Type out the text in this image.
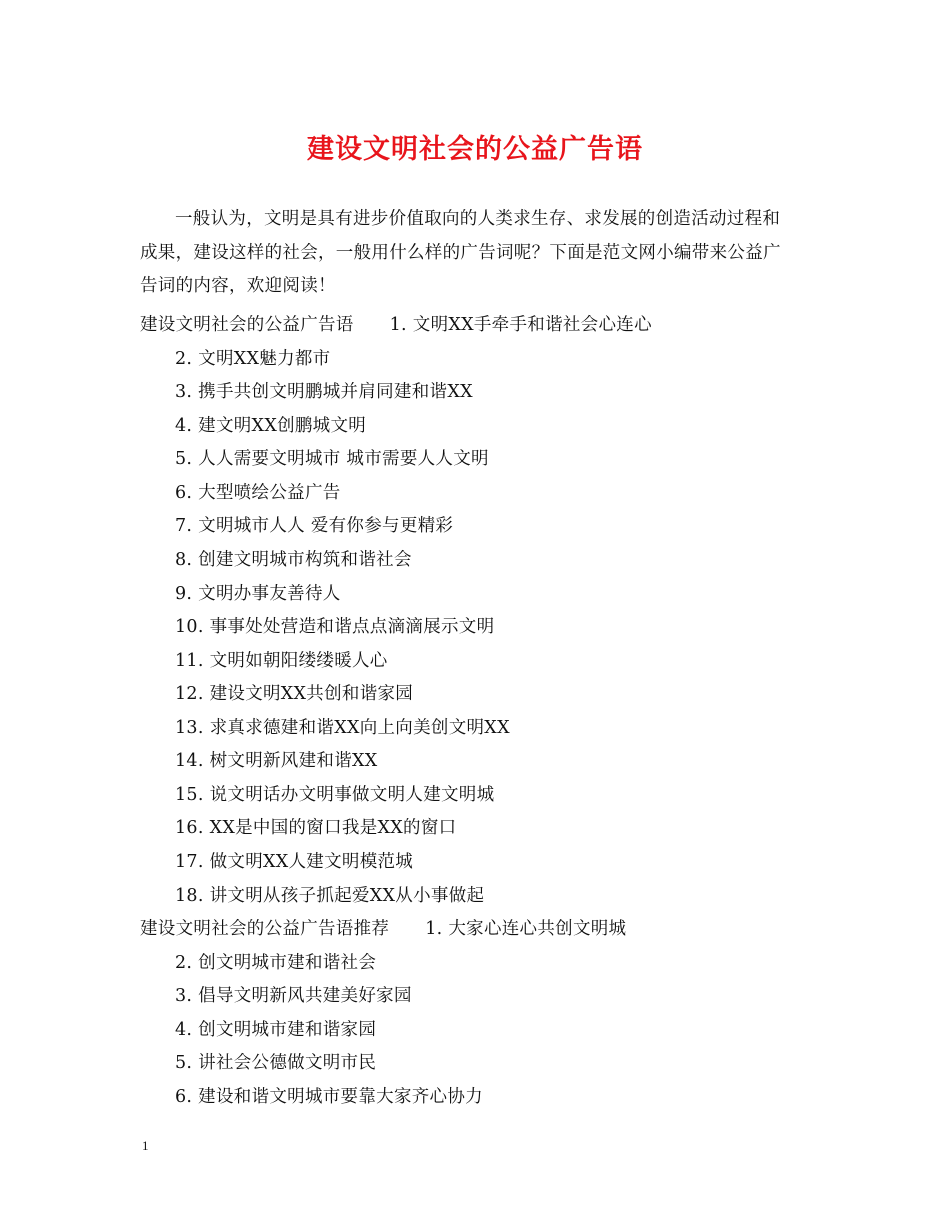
建设文明社会的公益广告语
一般认为，文明是具有进步价值取向的人类求生存、求发展的创造活动过程和
成果，建设这样的社会，一般用什么样的广告词呢？下面是范文网小编带来公益广
告词的内容，欢迎阅读！
建设文明社会的公益广告语 1. 文明XX手牵手和谐社会心连心
2. 文明XX魅力都市
3. 携手共创文明鹏城并肩同建和谐XX
4. 建文明XX创鹏城文明
5. 人人需要文明城市 城市需要人人文明
6. 大型喷绘公益广告
7. 文明城市人人 爱有你参与更精彩
8. 创建文明城市构筑和谐社会
9. 文明办事友善待人
10. 事事处处营造和谐点点滴滴展示文明
11. 文明如朝阳缕缕暖人心
12. 建设文明XX共创和谐家园
13. 求真求德建和谐XX向上向美创文明XX
14. 树文明新风建和谐XX
15. 说文明话办文明事做文明人建文明城
16. XX是中国的窗口我是XX的窗口
17. 做文明XX人建文明模范城
18. 讲文明从孩子抓起爱XX从小事做起
建设文明社会的公益广告语推荐 1. 大家心连心共创文明城
2. 创文明城市建和谐社会
3. 倡导文明新风共建美好家园
4. 创文明城市建和谐家园
5. 讲社会公德做文明市民
6. 建设和谐文明城市要靠大家齐心协力
1
